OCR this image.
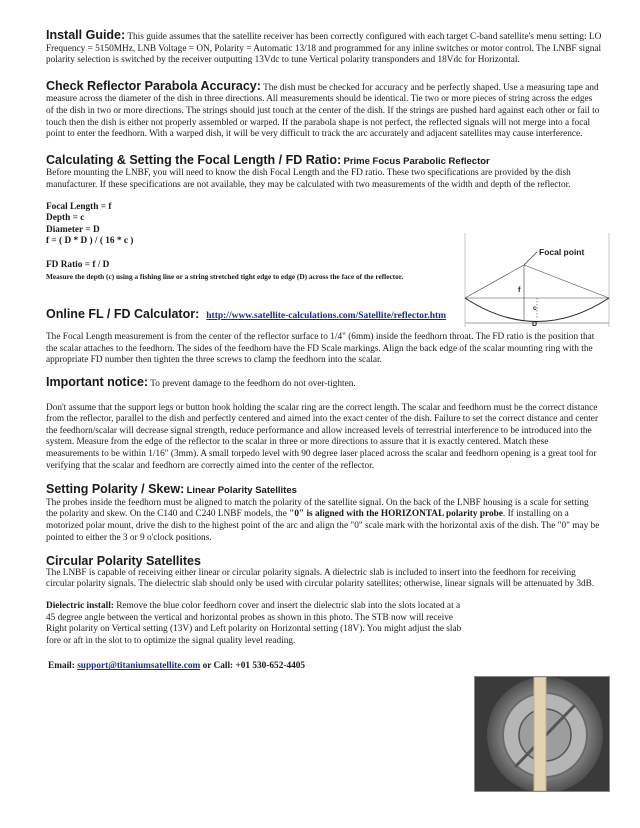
Install Guide: This guide assumes that the satellite receiver has been correctly configured with each target C-band satellite's menu setting: LO Frequency = 5150MHz, LNB Voltage = ON, Polarity = Automatic 13/18 and programmed for any inline switches or motor control. The LNBF signal polarity selection is switched by the receiver outputting 13Vdc to tune Vertical polarity transponders and 18Vdc for Horizontal.

Check Reflector Parabola Accuracy: The dish must be checked for accuracy and be perfectly shaped. Use a measuring tape and measure across the diameter of the dish in three directions. All measurements should be identical. Tie two or more pieces of string across the edges of the dish in two or more directions. The strings should just touch at the center of the dish. If the strings are pushed hard against each other or fail to touch then the dish is either not properly assembled or warped. If the parabola shape is not perfect, the reflected signals will not merge into a focal point to enter the feedhorn. With a warped dish, it will be very difficult to track the arc accurately and adjacent satellites may cause interference.

Calculating & Setting the Focal Length / FD Ratio: Prime Focus Parabolic Reflector

Before mounting the LNBF, you will need to know the dish Focal Length and the FD ratio. These two specifications are provided by the dish manufacturer. If these specifications are not available, they may be calculated with two measurements of the width and depth of the reflector.

Focal Length = f

Depth = c

Diameter = D

f = ( D * D ) / ( 16 * c )

FD Ratio = f / D

Measure the depth (c) using a fishing line or a string stretched tight edge to edge (D) across the face of the reflector.

Online FL / FD Calculator: http://www.satellite-calculations.com/Satellite/reflector.htm

The Focal Length measurement is from the center of the reflector surface to 1/4" (6mm) inside the feedhorn throat. The FD ratio is the position that the scalar attaches to the feedhorn. The sides of the feedhorn have the FD Scale markings. Align the back edge of the scalar mounting ring with the appropriate FD number then tighten the three screws to clamp the feedhorn into the scalar.

Important notice: To prevent damage to the feedhorn do not over-tighten.

Don't assume that the support legs or button hook holding the scalar ring are the correct length. The scalar and feedhorn must be the correct distance from the reflector, parallel to the dish and perfectly centered and aimed into the exact center of the dish. Failure to set the correct distance and center the feedhorn/scalar will decrease signal strength, reduce performance and allow increased levels of terrestrial interference to be introduced into the system. Measure from the edge of the reflector to the scalar in three or more directions to assure that it is exactly centered. Match these measurements to be within 1/16" (3mm). A small torpedo level with 90 degree laser placed across the scalar and feedhorn opening is a great tool for verifying that the scalar and feedhorn are correctly aimed into the center of the reflector.

Setting Polarity / Skew: Linear Polarity Satellites

The probes inside the feedhorn must be aligned to match the polarity of the satellite signal. On the back of the LNBF housing is a scale for setting the polarity and skew. On the C140 and C240 LNBF models, the "0" is aligned with the HORIZONTAL polarity probe. If installing on a motorized polar mount, drive the dish to the highest point of the arc and align the "0" scale mark with the horizontal axis of the dish. The "0" may be pointed to either the 3 or 9 o'clock positions.

Circular Polarity Satellites

The LNBF is capable of receiving either linear or circular polarity signals. A dielectric slab is included to insert into the feedhorn for receiving circular polarity signals. The dielectric slab should only be used with circular polarity satellites; otherwise, linear signals will be attenuated by 3dB.

Dielectric install: Remove the blue color feedhorn cover and insert the dielectric slab into the slots located at a 45 degree angle between the vertical and horizontal probes as shown in this photo. The STB now will receive Right polarity on Vertical setting (13V) and Left polarity on Horizontal setting (18V). You might adjust the slab fore or aft in the slot to to optimize the signal quality level reading.

Email: support@titaniumsatellite.com or Call: +01 530-652-4405

Focal point
f
c
D
